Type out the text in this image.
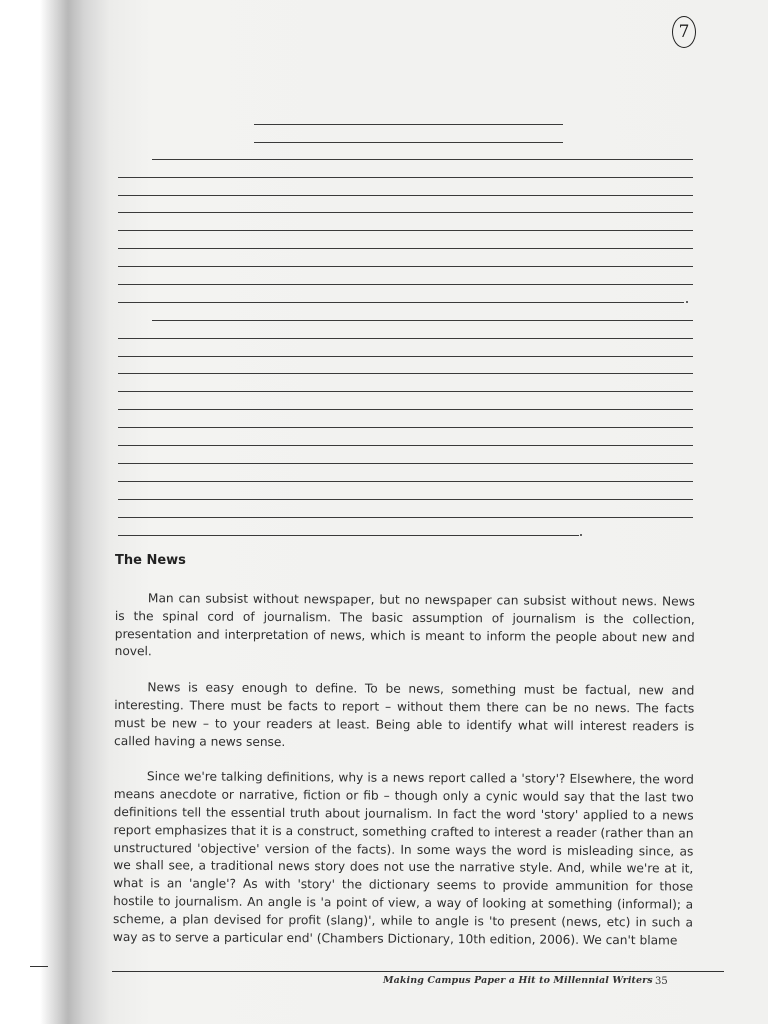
7
The News

Man can subsist without newspaper, but no newspaper can subsist without news. News is the spinal cord of journalism. The basic assumption of journalism is the collection, presentation and interpretation of news, which is meant to inform the people about new and novel.

News is easy enough to define. To be news, something must be factual, new and interesting. There must be facts to report – without them there can be no news. The facts must be new – to your readers at least. Being able to identify what will interest readers is called having a news sense.

Since we're talking definitions, why is a news report called a 'story'? Elsewhere, the word means anecdote or narrative, fiction or fib – though only a cynic would say that the last two definitions tell the essential truth about journalism. In fact the word 'story' applied to a news report emphasizes that it is a construct, something crafted to interest a reader (rather than an unstructured 'objective' version of the facts). In some ways the word is misleading since, as we shall see, a traditional news story does not use the narrative style. And, while we're at it, what is an 'angle'? As with 'story' the dictionary seems to provide ammunition for those hostile to journalism. An angle is 'a point of view, a way of looking at something (informal); a scheme, a plan devised for profit (slang)', while to angle is 'to present (news, etc) in such a way as to serve a particular end' (Chambers Dictionary, 10th edition, 2006). We can't blame

Making Campus Paper a Hit to Millennial Writers 35
